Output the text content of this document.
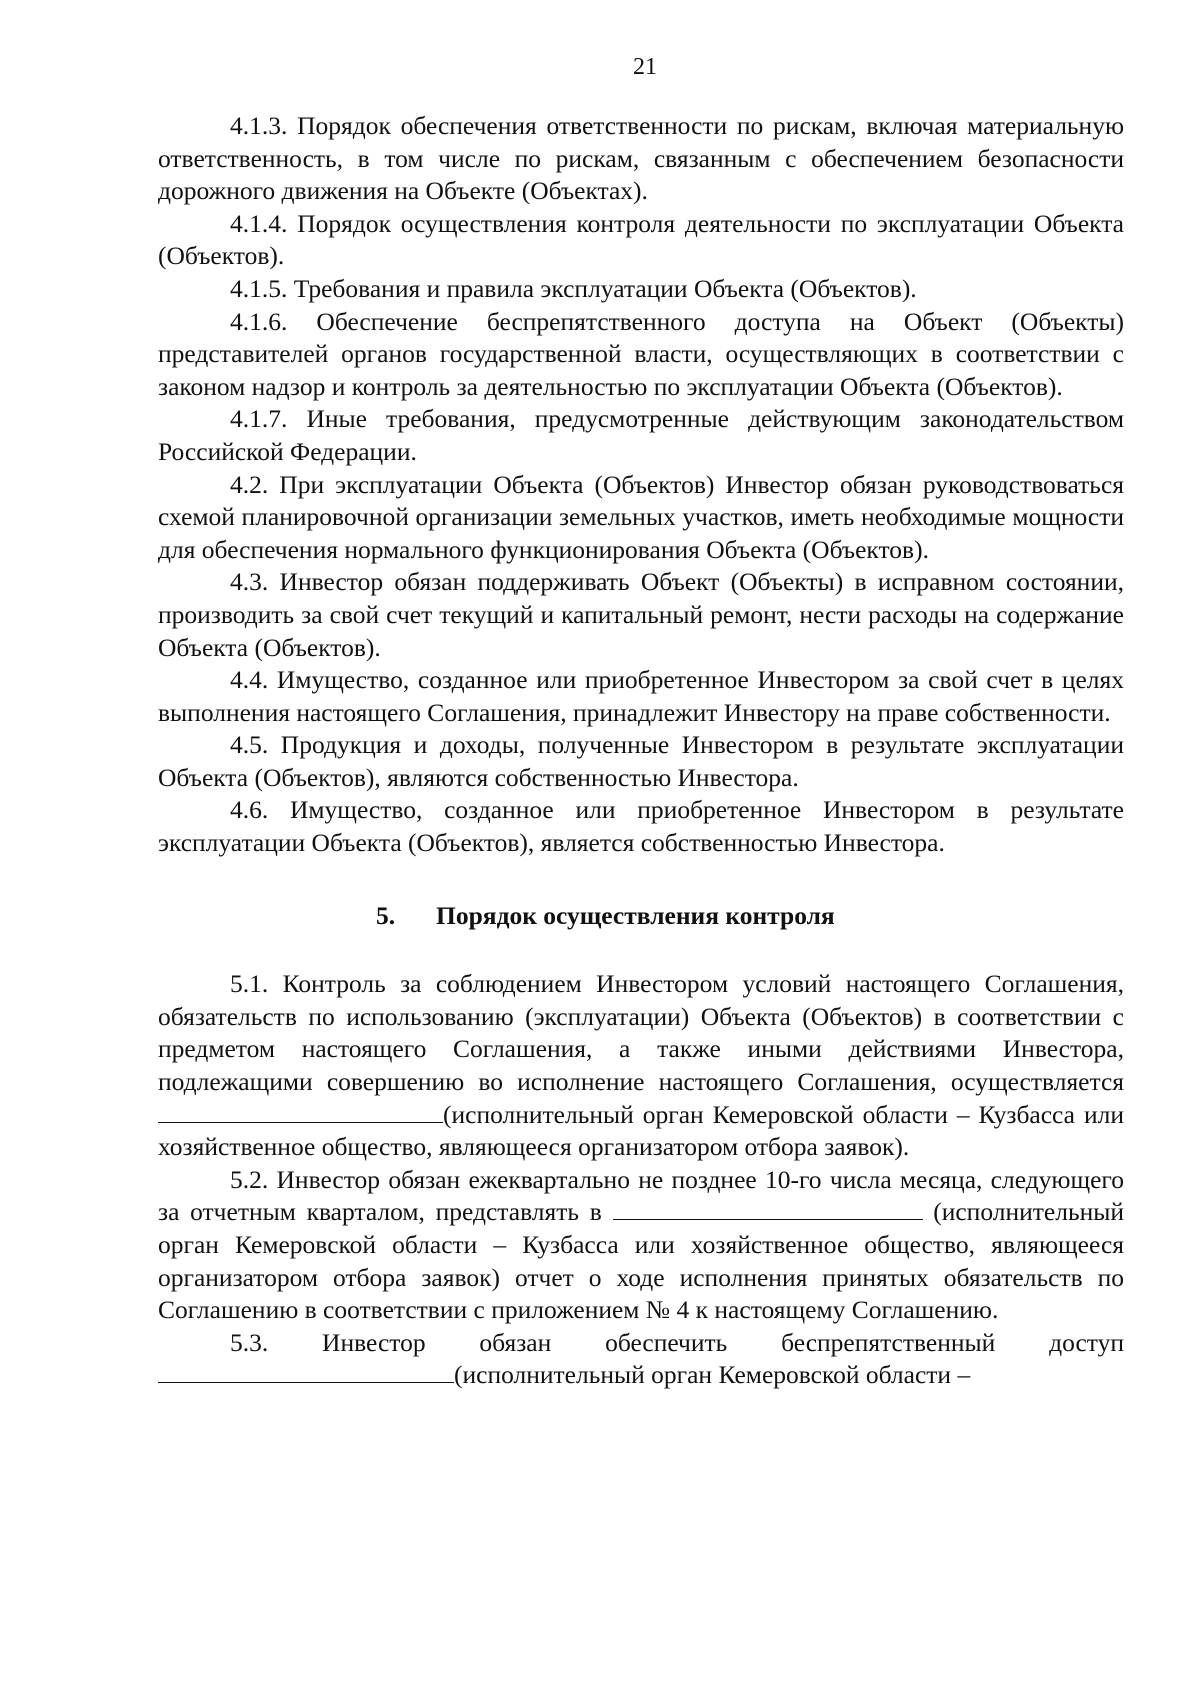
21

4.1.3. Порядок обеспечения ответственности по рискам, включая материальную ответственность, в том числе по рискам, связанным с обеспечением безопасности дорожного движения на Объекте (Объектах).

4.1.4. Порядок осуществления контроля деятельности по эксплуатации Объекта (Объектов).

4.1.5. Требования и правила эксплуатации Объекта (Объектов).

4.1.6. Обеспечение беспрепятственного доступа на Объект (Объекты) представителей органов государственной власти, осуществляющих в соответствии с законом надзор и контроль за деятельностью по эксплуатации Объекта (Объектов).

4.1.7. Иные требования, предусмотренные действующим законодательством Российской Федерации.

4.2. При эксплуатации Объекта (Объектов) Инвестор обязан руководствоваться схемой планировочной организации земельных участков, иметь необходимые мощности для обеспечения нормального функционирования Объекта (Объектов).

4.3. Инвестор обязан поддерживать Объект (Объекты) в исправном состоянии, производить за свой счет текущий и капитальный ремонт, нести расходы на содержание Объекта (Объектов).

4.4. Имущество, созданное или приобретенное Инвестором за свой счет в целях выполнения настоящего Соглашения, принадлежит Инвестору на праве собственности.

4.5. Продукция и доходы, полученные Инвестором в результате эксплуатации Объекта (Объектов), являются собственностью Инвестора.

4.6. Имущество, созданное или приобретенное Инвестором в результате эксплуатации Объекта (Объектов), является собственностью Инвестора.

5. Порядок осуществления контроля

5.1. Контроль за соблюдением Инвестором условий настоящего Соглашения, обязательств по использованию (эксплуатации) Объекта (Объектов) в соответствии с предметом настоящего Соглашения, а также иными действиями Инвестора, подлежащими совершению во исполнение настоящего Соглашения, осуществляется (исполнительный орган Кемеровской области – Кузбасса или хозяйственное общество, являющееся организатором отбора заявок).

5.2. Инвестор обязан ежеквартально не позднее 10-го числа месяца, следующего за отчетным кварталом, представлять в	(исполнительный орган Кемеровской области – Кузбасса или хозяйственное общество, являющееся организатором отбора заявок) отчет о ходе исполнения принятых обязательств по Соглашению в соответствии с приложением № 4 к настоящему Соглашению.

5.3. Инвестор обязан обеспечить беспрепятственный доступ (исполнительный орган Кемеровской области –
